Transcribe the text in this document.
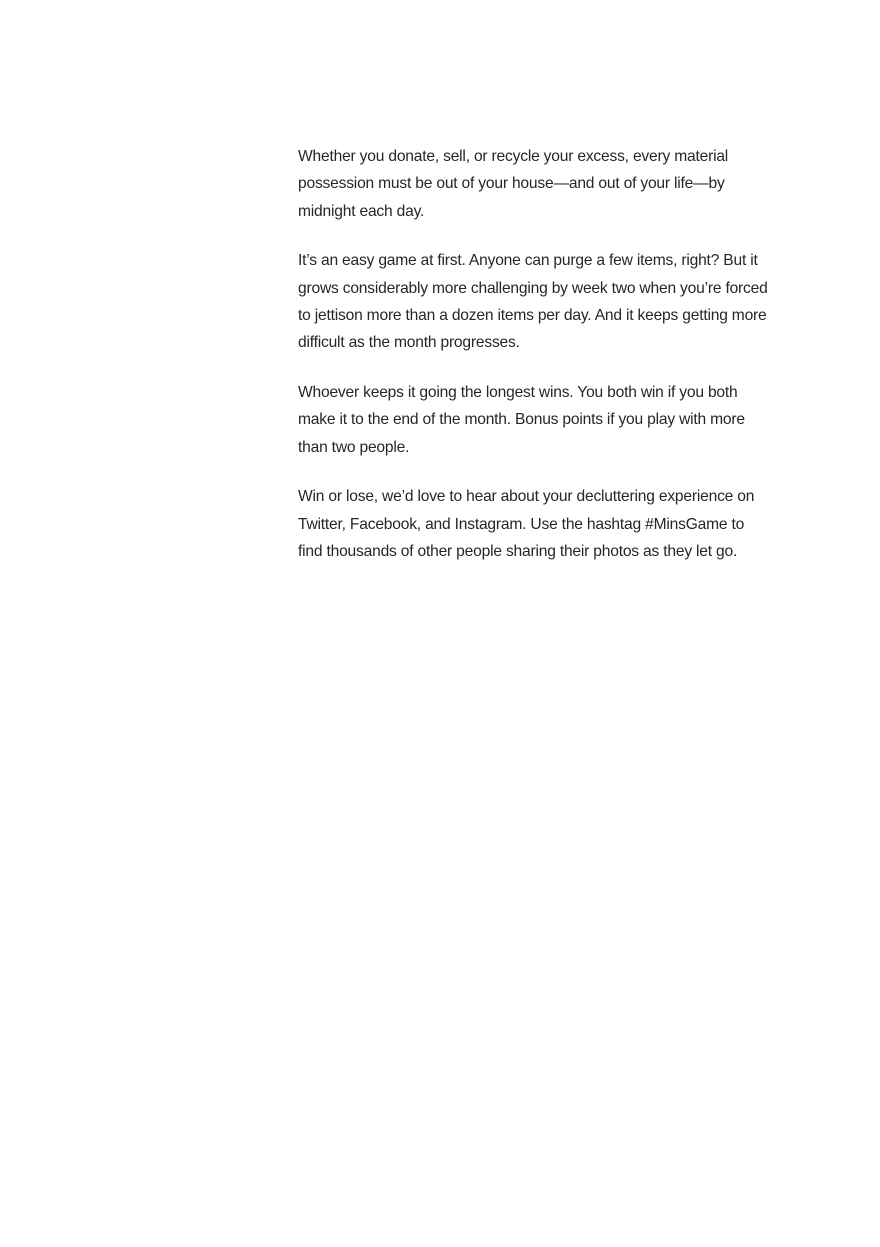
Whether you donate, sell, or recycle your excess, every material possession must be out of your house—and out of your life—by midnight each day.

It’s an easy game at first. Anyone can purge a few items, right? But it grows considerably more challenging by week two when you’re forced to jettison more than a dozen items per day. And it keeps getting more difficult as the month progresses.

Whoever keeps it going the longest wins. You both win if you both make it to the end of the month. Bonus points if you play with more than two people.

Win or lose, we’d love to hear about your decluttering experience on Twitter, Facebook, and Instagram. Use the hashtag #MinsGame to find thousands of other people sharing their photos as they let go.
